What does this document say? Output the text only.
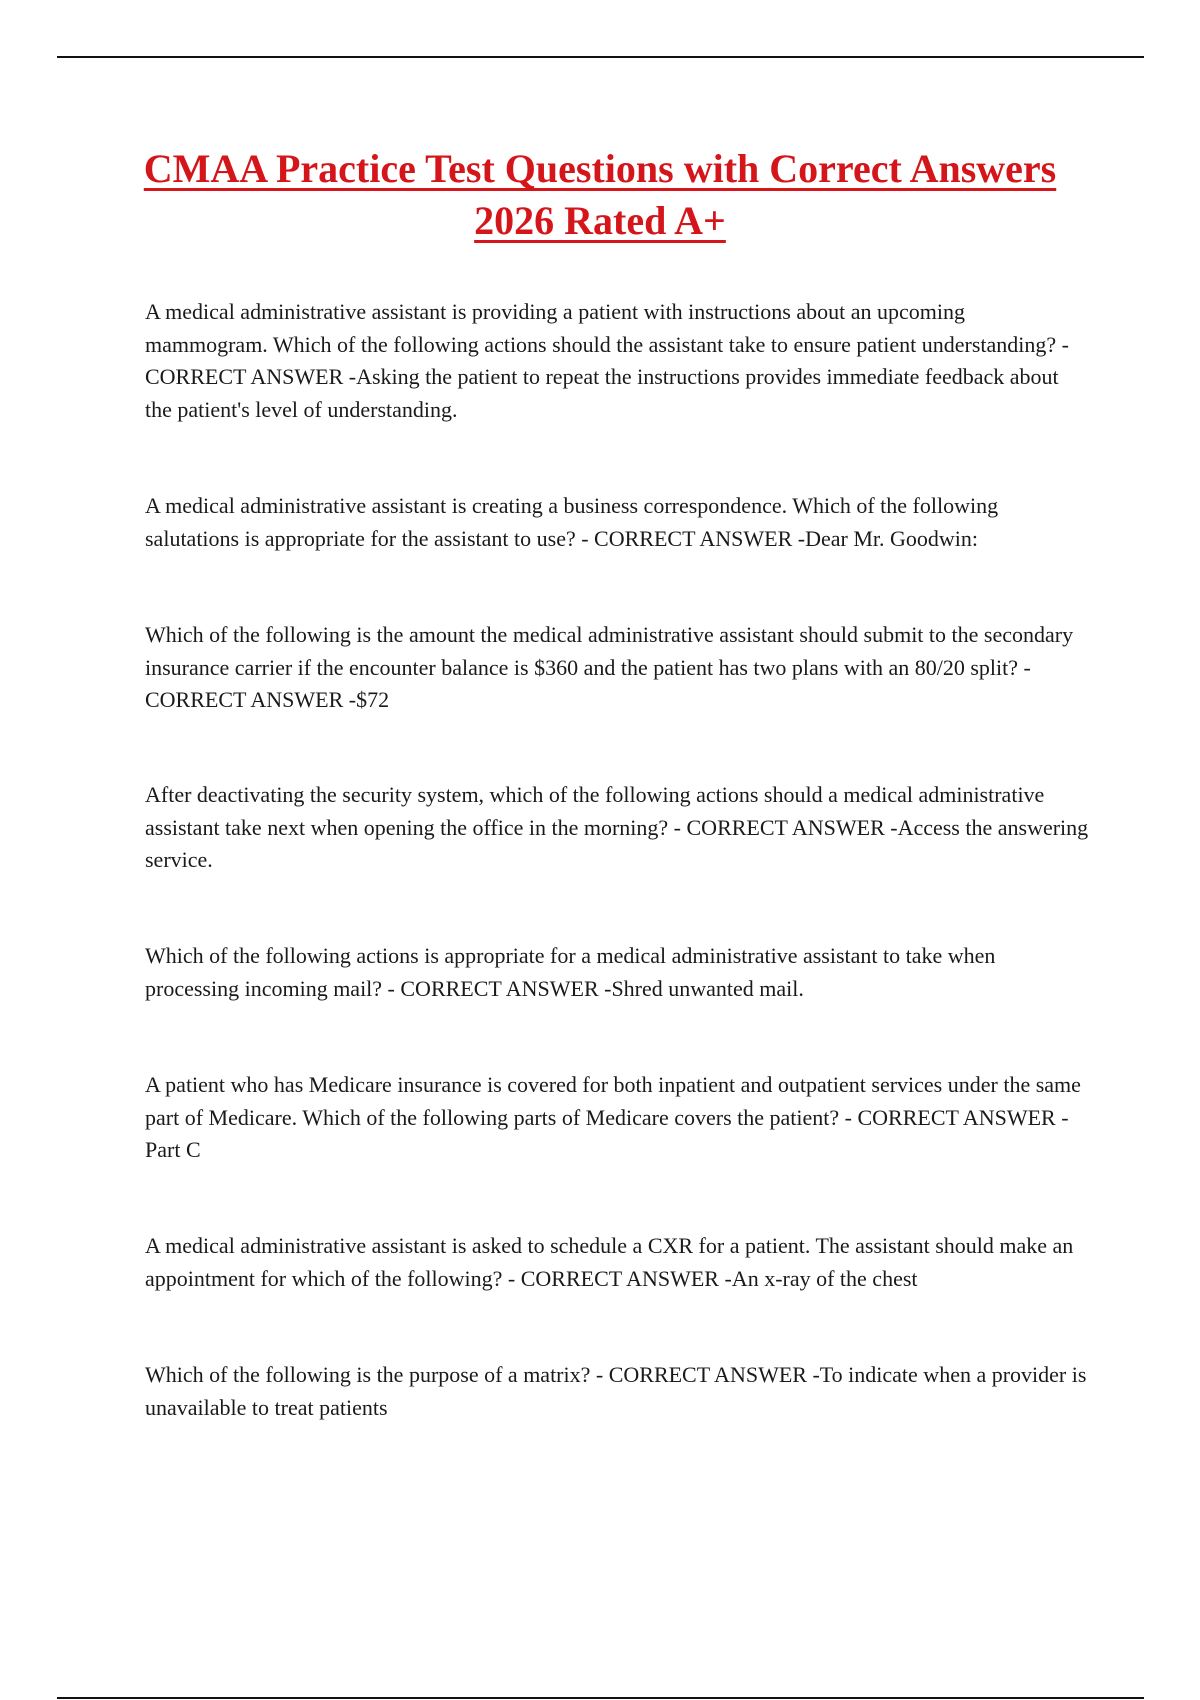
CMAA Practice Test Questions with Correct Answers 2026 Rated A+

A medical administrative assistant is providing a patient with instructions about an upcoming mammogram. Which of the following actions should the assistant take to ensure patient understanding? - CORRECT ANSWER -Asking the patient to repeat the instructions provides immediate feedback about the patient's level of understanding.

A medical administrative assistant is creating a business correspondence. Which of the following salutations is appropriate for the assistant to use? - CORRECT ANSWER -Dear Mr. Goodwin:

Which of the following is the amount the medical administrative assistant should submit to the secondary insurance carrier if the encounter balance is $360 and the patient has two plans with an 80/20 split? - CORRECT ANSWER -$72

After deactivating the security system, which of the following actions should a medical administrative assistant take next when opening the office in the morning? - CORRECT ANSWER -Access the answering service.

Which of the following actions is appropriate for a medical administrative assistant to take when processing incoming mail? - CORRECT ANSWER -Shred unwanted mail.

A patient who has Medicare insurance is covered for both inpatient and outpatient services under the same part of Medicare. Which of the following parts of Medicare covers the patient? - CORRECT ANSWER -Part C

A medical administrative assistant is asked to schedule a CXR for a patient. The assistant should make an appointment for which of the following? - CORRECT ANSWER -An x-ray of the chest

Which of the following is the purpose of a matrix? - CORRECT ANSWER -To indicate when a provider is unavailable to treat patients
